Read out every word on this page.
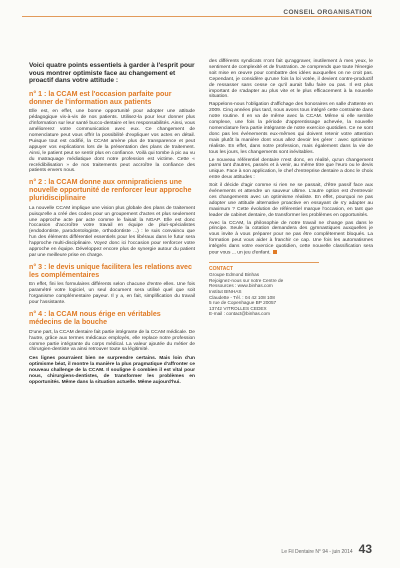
CONSEIL ORGANISATION
Voici quatre points essentiels à garder à l'esprit pour vous montrer optimiste face au changement et proactif dans votre attitude :
n° 1 : la CCAM est l'occasion parfaite pour donner de l'information aux patients

Elle est, en effet, une bonne opportunité pour adopter une attitude pédagogique vis-à-vis de nos patients. Utilisez-la pour leur donner plus d'information sur leur santé bucco-dentaire et les responsabilités. Ainsi, vous améliorerez votre communication avec eux. Ce changement de nomenclature peut vous offrir la possibilité d'expliquer vos actes en détail. Puisque tout est codifié, la CCAM amène plus de transparence et peut appuyer vos explications lors de la présentation des plans de traitement. Ainsi, le patient peut se sentir plus en confiance. Voilà qui tombe à pic au vu du matraquage médiatique dont notre profession est victime. Cette « recrédibilisation » de nos traitements peut accroître la confiance des patients envers nous.

n° 2 : la CCAM donne aux omnipraticiens une nouvelle opportunité de renforcer leur approche pluridisciplinaire

La nouvelle CCAM implique une vision plus globale des plans de traitement puisqu'elle a créé des codes pour un groupement d'actes et plus seulement une approche acte par acte comme le faisait la NGAP. Elle est donc l'occasion d'accroître votre travail en équipe de pluri-spécialistes (endodontiste, parodontologiste, orthodontiste ...) : le suis convaincu que l'un des éléments différentiel essentiels pour les libéraux dans le futur sera l'approche multi-disciplinaire. Voyez donc ici l'occasion pour renforcer votre approche en équipe. Développez encore plus de synergie autour du patient par une meilleure prise en charge.

n° 3 : le devis unique facilitera les relations avec les complémentaires

En effet, fini les formulaires différents selon chacune d'entre elles. Une fois paramétré votre logiciel, un seul document sera utilisé quel que soit l'organisme complémentaire payeur. Il y a, en fait, simplification du travail pour l'assistante.

n° 4 : la CCAM nous érige en véritables médecins de la bouche

D'une part, la CCAM dentaire fait partie intégrante de la CCAM médicale. De l'autre, grâce aux termes médicaux employés, elle replace notre profession comme partie intégrante du corps médical. La valeur ajoutée du métier de chirurgien-dentiste va ainsi retrouver toute sa légitimité.

Ces lignes pourraient bien ne surprendre certains. Mais loin d'un optimisme béat, il montre la manière la plus pragmatique d'affronter ce nouveau challenge de la CCAM. Il souligne ô combien il est vital pour nous, chirurgiens-dentistes, de transformer les problèmes en opportunités. Même dans la situation actuelle. Même aujourd'hui.

des différents syndicats n'ont fait qu'aggraver, inutilement à mes yeux, le sentiment de complexité et de frustration. Je comprends que toute l'énergie soit mise en œuvre pour combattre des idées auxquelles on ne croit pas. Cependant, je considère qu'une fois la loi votée, il devient contre-productif de ressasser sans cesse ce qu'il aurait fallu faire ou pas. Il est plus important de s'adapter au plus vite et le plus efficacement à la nouvelle situation.

Rappelons-nous l'obligation d'affichage des honoraires en salle d'attente en 2009. Cinq années plus tard, nous avons tous intégré cette contrainte dans notre routine. Il en va de même avec la CCAM. Même si elle semble complexe, une fois la période d'apprentissage achevée, la nouvelle nomenclature fera partie intégrante de notre exercice quotidien. Ce ne sont donc pas les événements eux-mêmes qui doivent retenir votre attention mais plutôt la manière dont vous allez devoir les gérer : avec optimisme réaliste. En effet, dans notre profession, mais également dans la vie de tous les jours, les changements sont inévitables.

Le nouveau référentiel dentaire n'est donc, en réalité, qu'un changement parmi tant d'autres, passés et à venir, au même titre que l'euro ou le devis unique. Face à son application, le chef d'entreprise dentaire a donc le choix entre deux attitudes :

Soit il décide d'agir comme si rien ne se passait, d'être passif face aux événements et attendre un sauveur ultime. L'autre option est d'entrevoir ces changements avec un optimisme réaliste. En effet, pourquoi ne pas adopter une attitude alternative proactive en essayant de s'y adapter au maximum ? Cette évolution de référentiel marque l'occasion, en tant que leader de cabinet dentaire, de transformer les problèmes en opportunités.

Avec la CCAM, la philosophie de notre travail ne change pas dans le principe. Seule la cotation demandera des gymnastiques auxquelles je vous invite à vous préparer pour ne pas être complètement bloqués. La formation peut vous aider à franchir ce cap. Une fois les automatismes intégrés dans votre exercice quotidien, cette nouvelle classification sera pour vous ... un jeu d'enfant.

CONTACT
Groupe Edmond Binhas
Rejoignez-nous sur notre Centre de
Ressources : www.binhas.com
Institut BINHAS
Claudette - Tél. : 04 42 108 108
5 rue de Copenhague BP 20057
13742 VITROLLES CEDEX
E-mail : contact@binhas.com
Le Fil Dentaire N° 94 - juin 2014 43
